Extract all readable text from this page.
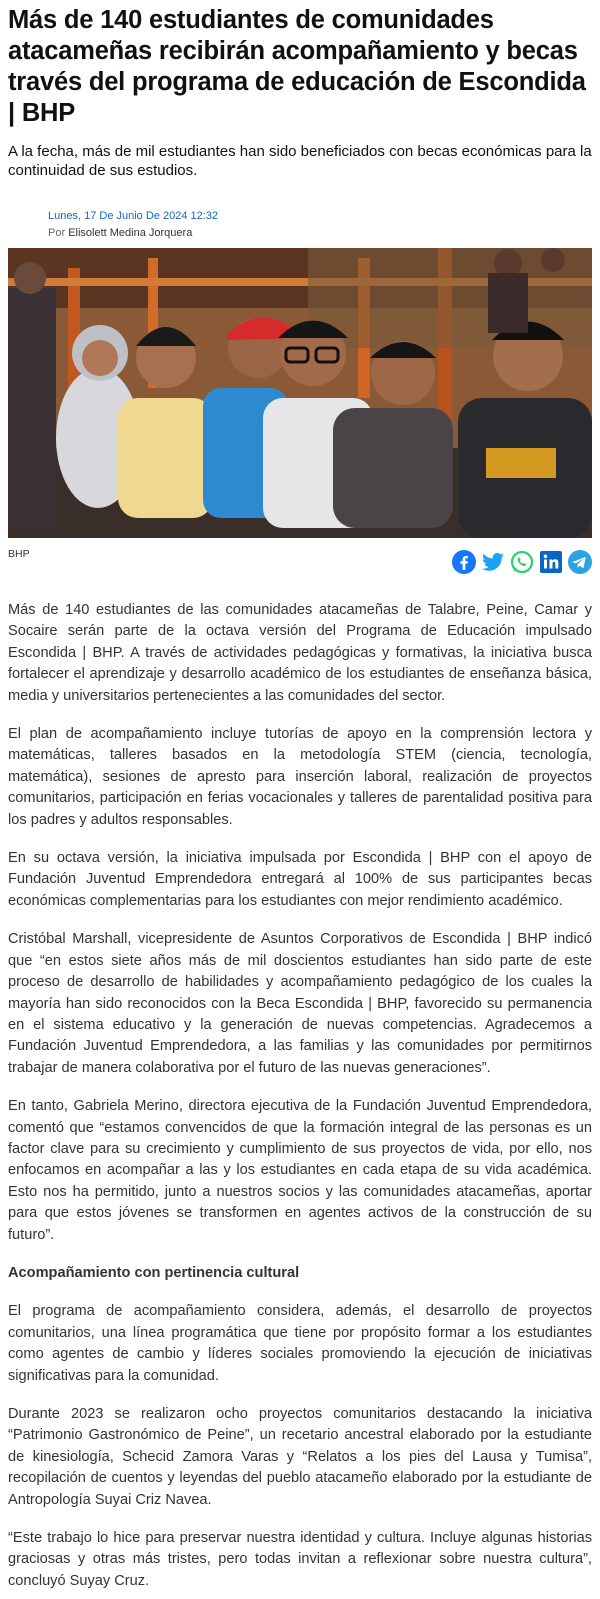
Más de 140 estudiantes de comunidades atacameñas recibirán acompañamiento y becas través del programa de educación de Escondida | BHP

A la fecha, más de mil estudiantes han sido beneficiados con becas económicas para la continuidad de sus estudios.

Lunes, 17 De Junio De 2024 12:32
Por Elisolett Medina Jorquera
BHP

Más de 140 estudiantes de las comunidades atacameñas de Talabre, Peine, Camar y Socaire serán parte de la octava versión del Programa de Educación impulsado Escondida | BHP. A través de actividades pedagógicas y formativas, la iniciativa busca fortalecer el aprendizaje y desarrollo académico de los estudiantes de enseñanza básica, media y universitarios pertenecientes a las comunidades del sector.

El plan de acompañamiento incluye tutorías de apoyo en la comprensión lectora y matemáticas, talleres basados en la metodología STEM (ciencia, tecnología, matemática), sesiones de apresto para inserción laboral, realización de proyectos comunitarios, participación en ferias vocacionales y talleres de parentalidad positiva para los padres y adultos responsables.

En su octava versión, la iniciativa impulsada por Escondida | BHP con el apoyo de Fundación Juventud Emprendedora entregará al 100% de sus participantes becas económicas complementarias para los estudiantes con mejor rendimiento académico.

Cristóbal Marshall, vicepresidente de Asuntos Corporativos de Escondida | BHP indicó que “en estos siete años más de mil doscientos estudiantes han sido parte de este proceso de desarrollo de habilidades y acompañamiento pedagógico de los cuales la mayoría han sido reconocidos con la Beca Escondida | BHP, favorecido su permanencia en el sistema educativo y la generación de nuevas competencias. Agradecemos a Fundación Juventud Emprendedora, a las familias y las comunidades por permitirnos trabajar de manera colaborativa por el futuro de las nuevas generaciones”.

En tanto, Gabriela Merino, directora ejecutiva de la Fundación Juventud Emprendedora, comentó que “estamos convencidos de que la formación integral de las personas es un factor clave para su crecimiento y cumplimiento de sus proyectos de vida, por ello, nos enfocamos en acompañar a las y los estudiantes en cada etapa de su vida académica. Esto nos ha permitido, junto a nuestros socios y las comunidades atacameñas, aportar para que estos jóvenes se transformen en agentes activos de la construcción de su futuro”.

Acompañamiento con pertinencia cultural

El programa de acompañamiento considera, además, el desarrollo de proyectos comunitarios, una línea programática que tiene por propósito formar a los estudiantes como agentes de cambio y líderes sociales promoviendo la ejecución de iniciativas significativas para la comunidad.

Durante 2023 se realizaron ocho proyectos comunitarios destacando la iniciativa “Patrimonio Gastronómico de Peine”, un recetario ancestral elaborado por la estudiante de kinesiología, Schecid Zamora Varas y “Relatos a los pies del Lausa y Tumisa”, recopilación de cuentos y leyendas del pueblo atacameño elaborado por la estudiante de Antropología Suyai Criz Navea.

“Este trabajo lo hice para preservar nuestra identidad y cultura. Incluye algunas historias graciosas y otras más tristes, pero todas invitan a reflexionar sobre nuestra cultura”, concluyó Suyay Cruz.
